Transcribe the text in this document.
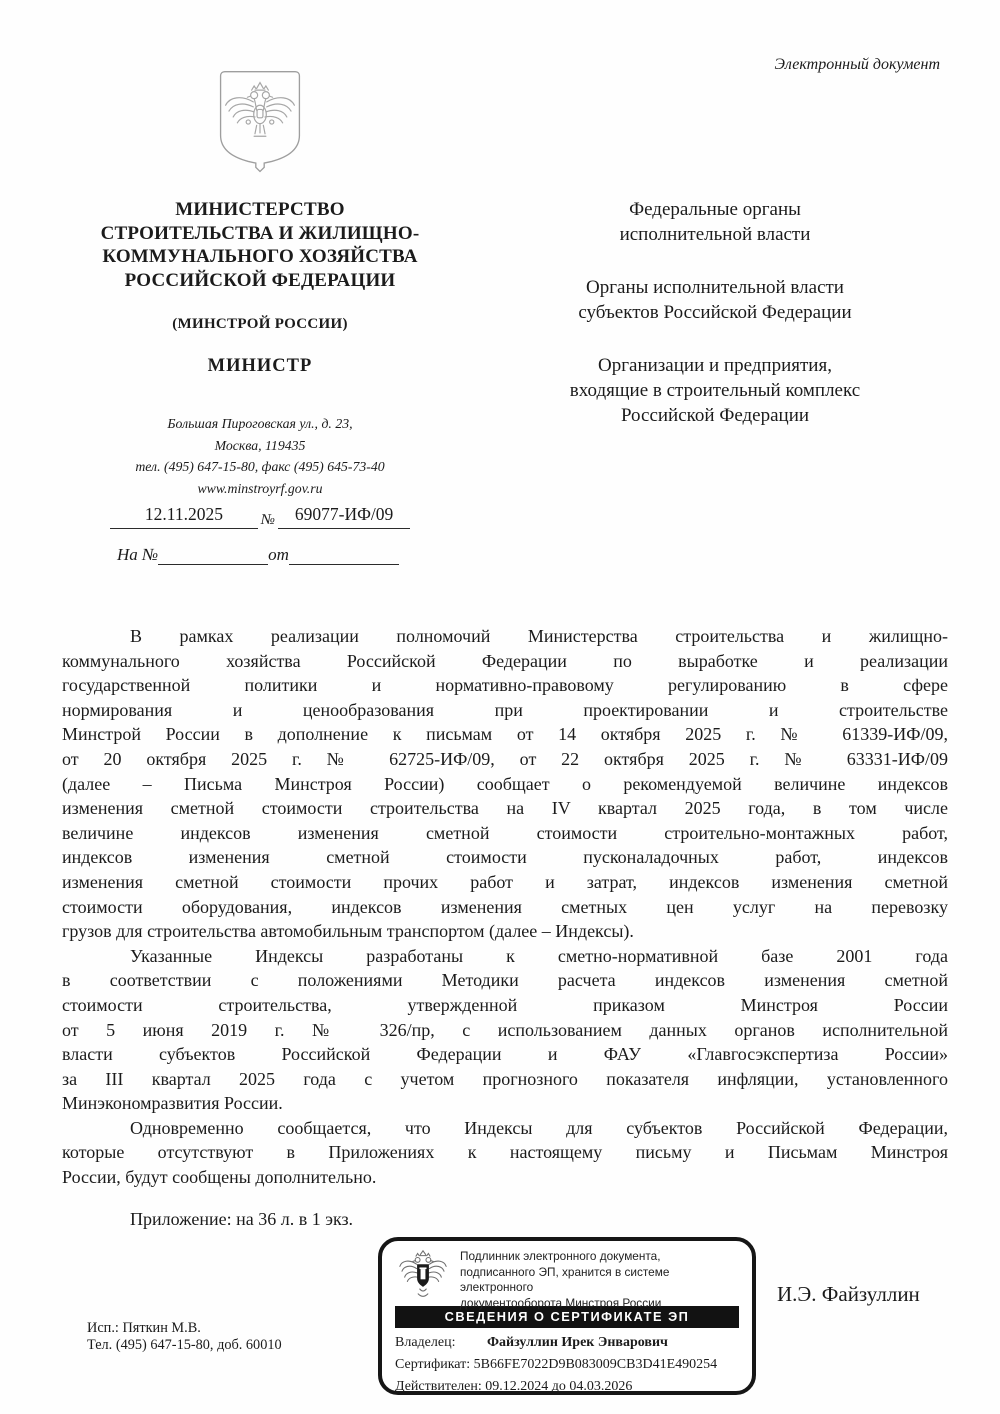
Электронный документ
МИНИСТЕРСТВО
СТРОИТЕЛЬСТВА И ЖИЛИЩНО-
КОММУНАЛЬНОГО ХОЗЯЙСТВА
РОССИЙСКОЙ ФЕДЕРАЦИИ
(МИНСТРОЙ РОССИИ)
МИНИСТР
Большая Пироговская ул., д. 23,
Москва, 119435
тел. (495) 647-15-80, факс (495) 645-73-40
www.minstroyrf.gov.ru
12.11.2025	№	69077-ИФ/09
На №	от
Федеральные органы
исполнительной власти
Органы исполнительной власти
субъектов Российской Федерации
Организации и предприятия,
входящие в строительный комплекс
Российской Федерации
В рамках реализации полномочий Министерства строительства и жилищно-
коммунального хозяйства Российской Федерации по выработке и реализации
государственной политики и нормативно-правовому регулированию в сфере
нормирования и ценообразования при проектировании и строительстве
Минстрой России в дополнение к письмам от 14 октября 2025 г. № 61339-ИФ/09,
от 20 октября 2025 г. № 62725-ИФ/09, от 22 октября 2025 г. № 63331-ИФ/09
(далее – Письма Минстроя России) сообщает о рекомендуемой величине индексов
изменения сметной стоимости строительства на IV квартал 2025 года, в том числе
величине индексов изменения сметной стоимости строительно-монтажных работ,
индексов изменения сметной стоимости пусконаладочных работ, индексов
изменения сметной стоимости прочих работ и затрат, индексов изменения сметной
стоимости оборудования, индексов изменения сметных цен услуг на перевозку
грузов для строительства автомобильным транспортом (далее – Индексы).
Указанные Индексы разработаны к сметно-нормативной базе 2001 года
в соответствии с положениями Методики расчета индексов изменения сметной
стоимости строительства, утвержденной приказом Минстроя России
от 5 июня 2019 г. № 326/пр, с использованием данных органов исполнительной
власти субъектов Российской Федерации и ФАУ «Главгосэкспертиза России»
за III квартал 2025 года с учетом прогнозного показателя инфляции, установленного
Минэкономразвития России.
Одновременно сообщается, что Индексы для субъектов Российской Федерации,
которые отсутствуют в Приложениях к настоящему письму и Письмам Минстроя
России, будут сообщены дополнительно.
Приложение: на 36 л. в 1 экз.
Подлинник электронного документа,
подписанного ЭП, хранится в системе электронного
документооборота Минстроя России
СВЕДЕНИЯ О СЕРТИФИКАТЕ ЭП
Владелец: Файзуллин Ирек Энварович
Сертификат: 5B66FE7022D9B083009CB3D41E490254
Действителен: 09.12.2024 до 04.03.2026
И.Э. Файзуллин
Исп.: Пяткин М.В.
Тел. (495) 647-15-80, доб. 60010
